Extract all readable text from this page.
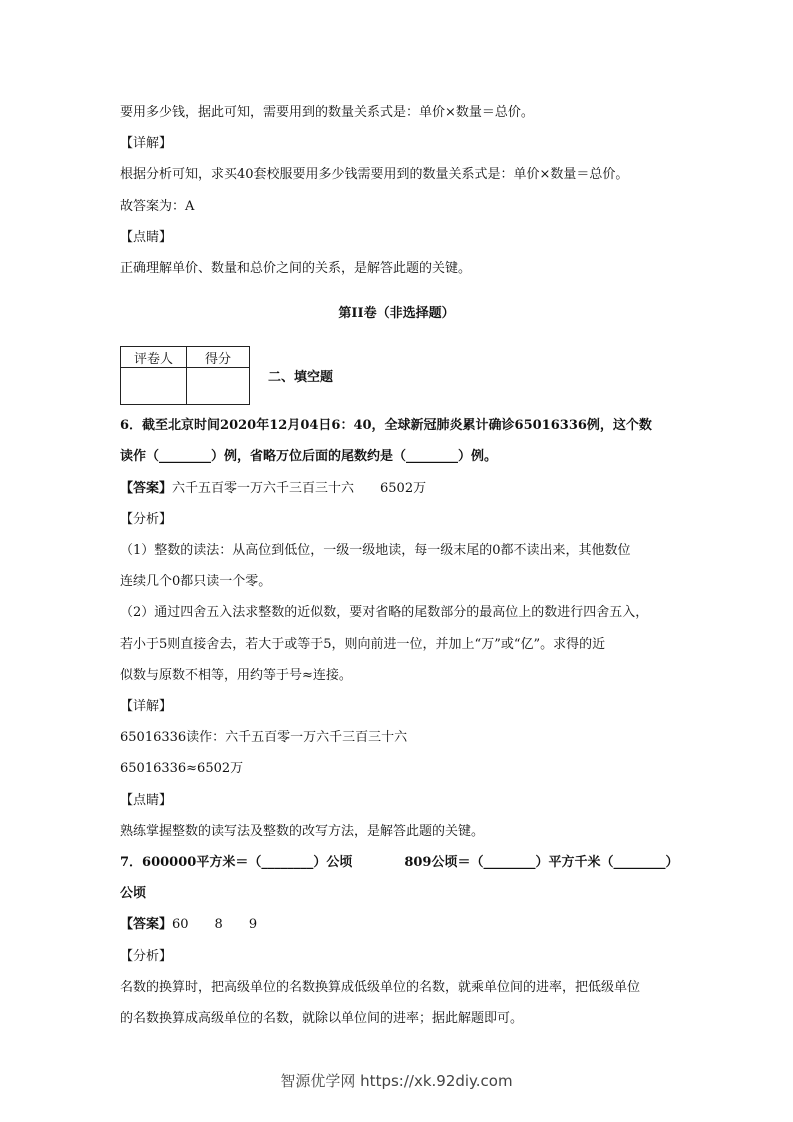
要用多少钱，据此可知，需要用到的数量关系式是：单价×数量＝总价。
【详解】
根据分析可知，求买40套校服要用多少钱需要用到的数量关系式是：单价×数量＝总价。
故答案为：A
【点睛】
正确理解单价、数量和总价之间的关系，是解答此题的关键。
第II卷（非选择题）
评卷人	得分

二、填空题
6．截至北京时间2020年12月04日6：40，全球新冠肺炎累计确诊65016336例，这个数
读作（________）例，省略万位后面的尾数约是（________）例。
【答案】六千五百零一万六千三百三十六　　6502万
【分析】
（1）整数的读法：从高位到低位，一级一级地读，每一级末尾的0都不读出来，其他数位
连续几个0都只读一个零。
（2）通过四舍五入法求整数的近似数，要对省略的尾数部分的最高位上的数进行四舍五入，
若小于5则直接舍去，若大于或等于5，则向前进一位，并加上“万”或“亿”。求得的近
似数与原数不相等，用约等于号≈连接。
【详解】
65016336读作：六千五百零一万六千三百三十六
65016336≈6502万
【点睛】
熟练掌握整数的读写法及整数的改写方法，是解答此题的关键。
7．600000平方米＝（________）公顷　　　　809公顷＝（________）平方千米（________）
公顷
【答案】60　　8　　9
【分析】
名数的换算时，把高级单位的名数换算成低级单位的名数，就乘单位间的进率，把低级单位
的名数换算成高级单位的名数，就除以单位间的进率；据此解题即可。
智源优学网 https://xk.92diy.com
